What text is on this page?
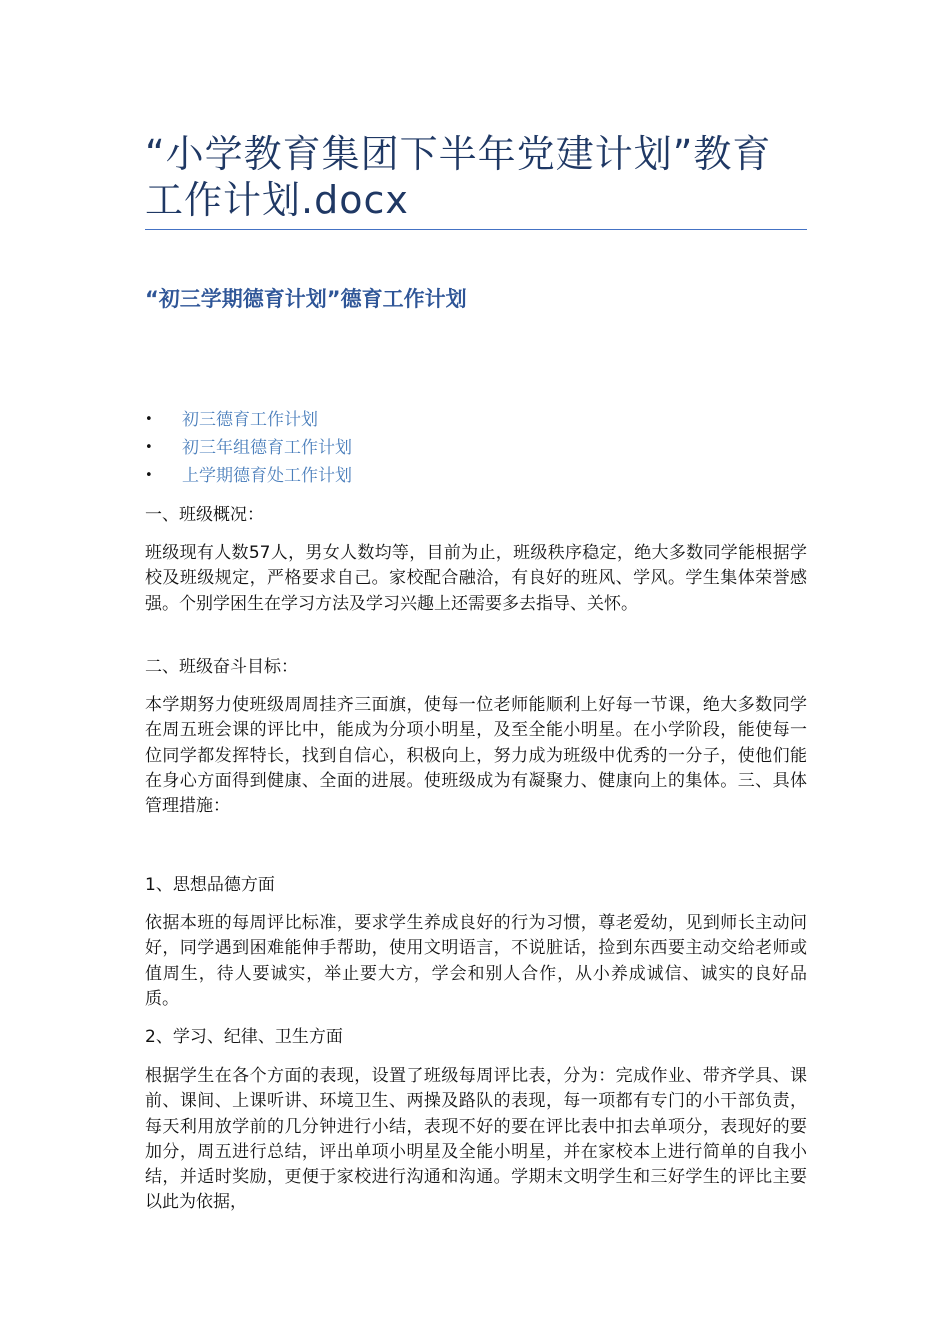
“小学教育集团下半年党建计划”教育工作计划.docx
“初三学期德育计划”德育工作计划
• 初三德育工作计划
• 初三年组德育工作计划
• 上学期德育处工作计划

一、班级概况：

班级现有人数57人，男女人数均等，目前为止，班级秩序稳定，绝大多数同学能根据学校及班级规定，严格要求自己。家校配合融洽，有良好的班风、学风。学生集体荣誉感强。个别学困生在学习方法及学习兴趣上还需要多去指导、关怀。

二、班级奋斗目标：

本学期努力使班级周周挂齐三面旗，使每一位老师能顺利上好每一节课，绝大多数同学在周五班会课的评比中，能成为分项小明星，及至全能小明星。在小学阶段，能使每一位同学都发挥特长，找到自信心，积极向上，努力成为班级中优秀的一分子，使他们能在身心方面得到健康、全面的进展。使班级成为有凝聚力、健康向上的集体。三、具体管理措施：

1、思想品德方面

依据本班的每周评比标准，要求学生养成良好的行为习惯，尊老爱幼，见到师长主动问好，同学遇到困难能伸手帮助，使用文明语言，不说脏话，捡到东西要主动交给老师或值周生，待人要诚实，举止要大方，学会和别人合作，从小养成诚信、诚实的良好品质。

2、学习、纪律、卫生方面

根据学生在各个方面的表现，设置了班级每周评比表，分为：完成作业、带齐学具、课前、课间、上课听讲、环境卫生、两操及路队的表现，每一项都有专门的小干部负责，每天利用放学前的几分钟进行小结，表现不好的要在评比表中扣去单项分，表现好的要加分，周五进行总结，评出单项小明星及全能小明星，并在家校本上进行简单的自我小结，并适时奖励，更便于家校进行沟通和沟通。学期末文明学生和三好学生的评比主要以此为依据，
